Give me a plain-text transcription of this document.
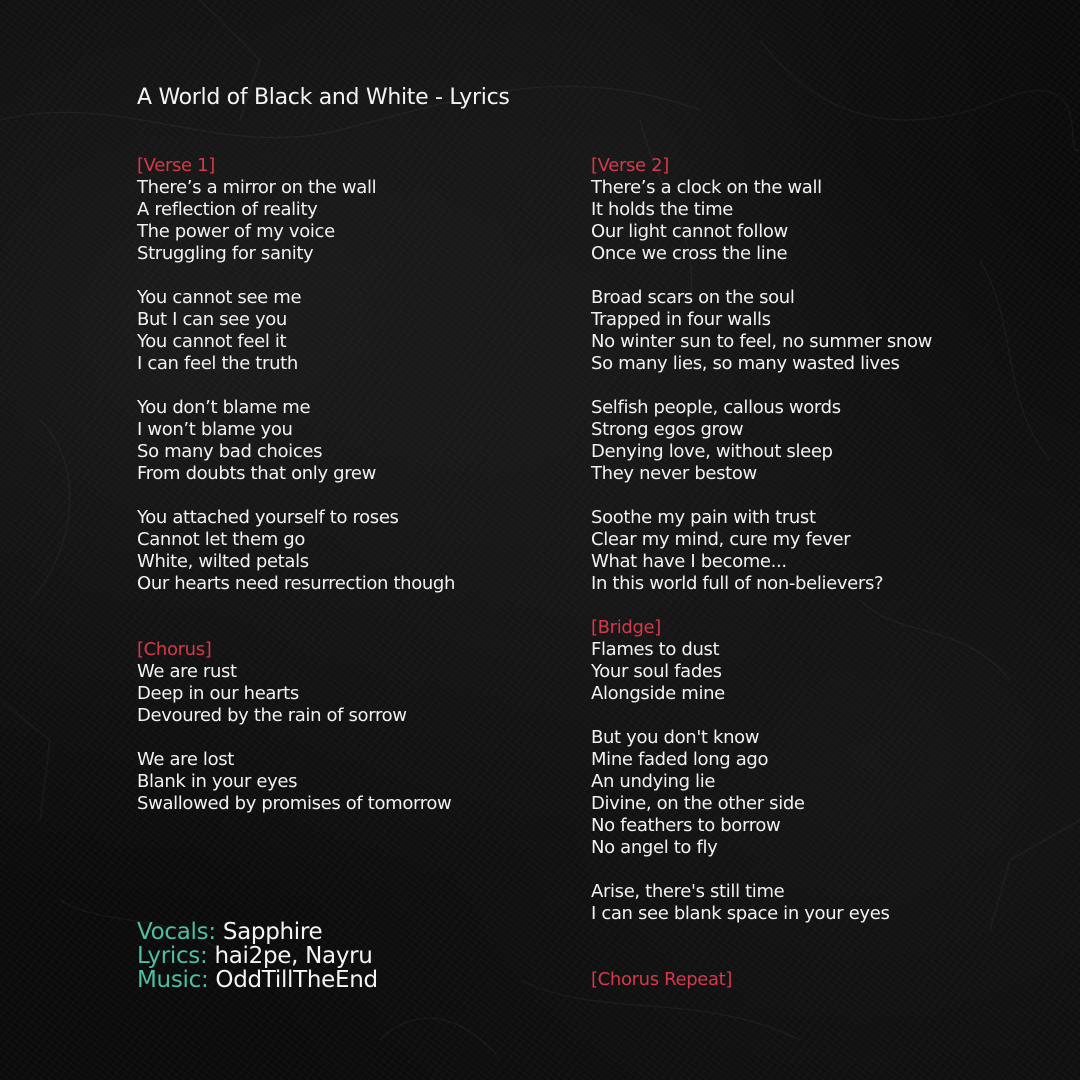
A World of Black and White - Lyrics
[Verse 1]
There’s a mirror on the wall
A reflection of reality
The power of my voice
Struggling for sanity
You cannot see me
But I can see you
You cannot feel it
I can feel the truth
You don’t blame me
I won’t blame you
So many bad choices
From doubts that only grew
You attached yourself to roses
Cannot let them go
White, wilted petals
Our hearts need resurrection though
[Chorus]
We are rust
Deep in our hearts
Devoured by the rain of sorrow
We are lost
Blank in your eyes
Swallowed by promises of tomorrow
[Verse 2]
There’s a clock on the wall
It holds the time
Our light cannot follow
Once we cross the line
Broad scars on the soul
Trapped in four walls
No winter sun to feel, no summer snow
So many lies, so many wasted lives
Selfish people, callous words
Strong egos grow
Denying love, without sleep
They never bestow
Soothe my pain with trust
Clear my mind, cure my fever
What have I become...
In this world full of non-believers?
[Bridge]
Flames to dust
Your soul fades
Alongside mine
But you don't know
Mine faded long ago
An undying lie
Divine, on the other side
No feathers to borrow
No angel to fly
Arise, there's still time
I can see blank space in your eyes
[Chorus Repeat]
Vocals: Sapphire
Lyrics: hai2pe, Nayru
Music: OddTillTheEnd
